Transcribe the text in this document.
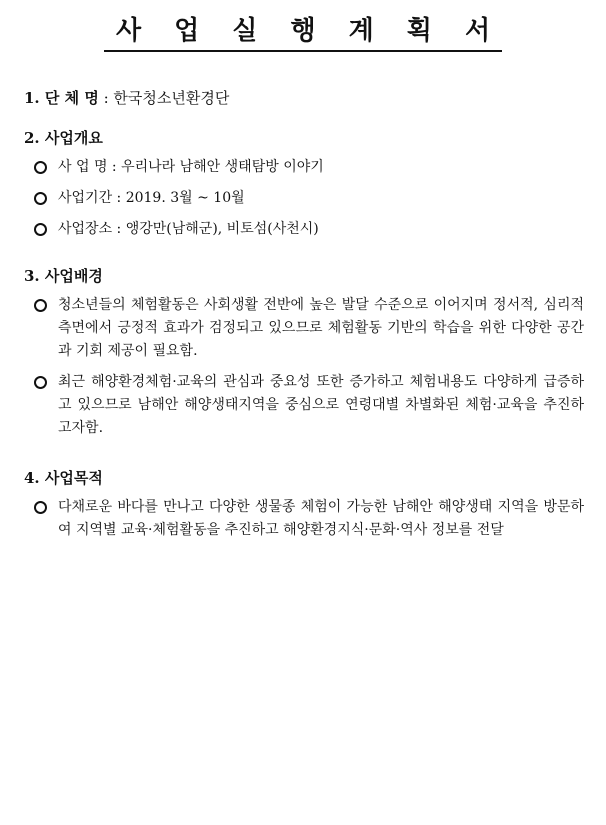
사 업 실 행 계 획 서

1. 단 체 명 : 한국청소년환경단

2. 사업개요

사 업 명 : 우리나라 남해안 생태탐방 이야기
사업기간 : 2019. 3월 ~ 10월
사업장소 : 앵강만(남해군), 비토섬(사천시)

3. 사업배경

청소년들의 체험활동은 사회생활 전반에 높은 발달 수준으로 이어지며 정서적, 심리적 측면에서 긍정적 효과가 검정되고 있으므로 체험활동 기반의 학습을 위한 다양한 공간과 기회 제공이 필요함.
최근 해양환경체험·교육의 관심과 중요성 또한 증가하고 체험내용도 다양하게 급증하고 있으므로 남해안 해양생태지역을 중심으로 연령대별 차별화된 체험·교육을 추진하고자함.

4. 사업목적

다채로운 바다를 만나고 다양한 생물종 체험이 가능한 남해안 해양생태 지역을 방문하여 지역별 교육·체험활동을 추진하고 해양환경지식·문화·역사 정보를 전달
